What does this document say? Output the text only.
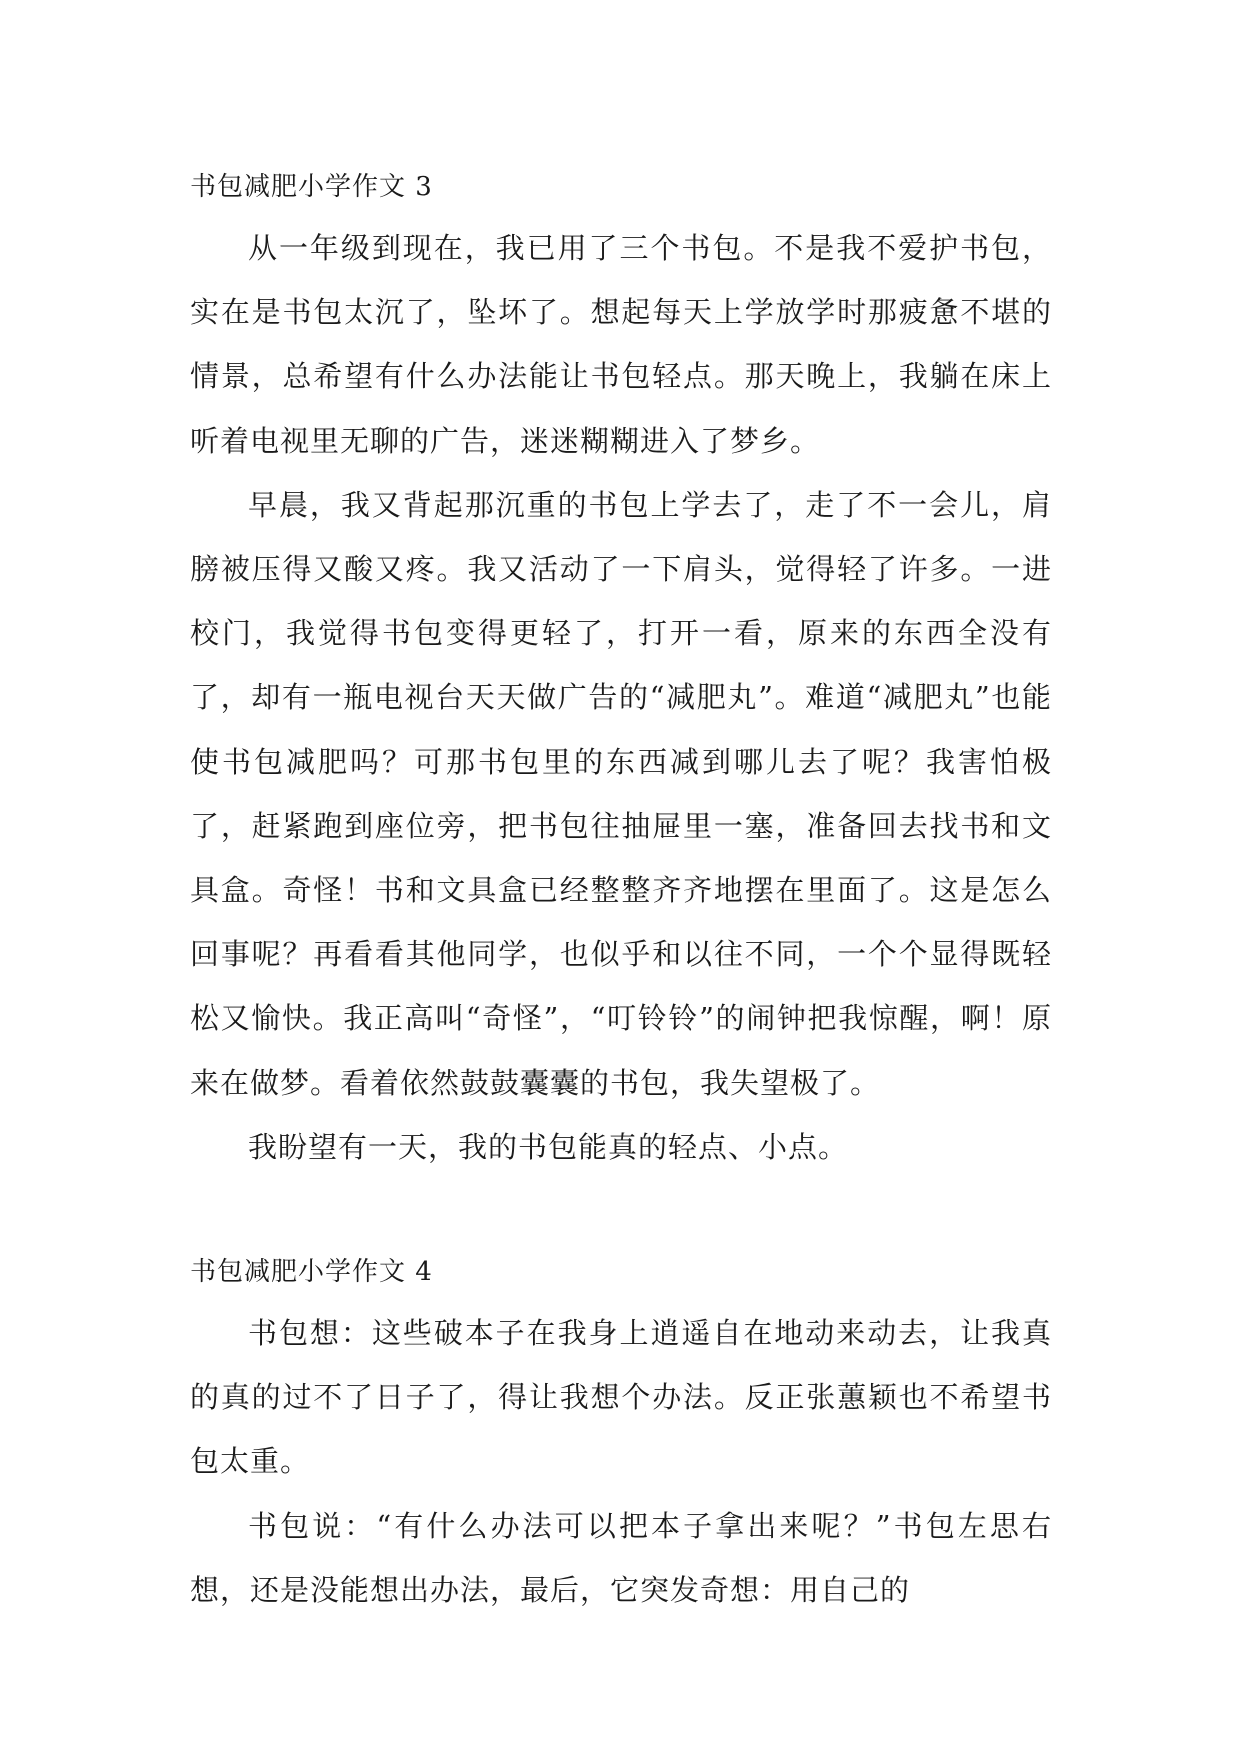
书包减肥小学作文 3

从一年级到现在，我已用了三个书包。不是我不爱护书包，实在是书包太沉了，坠坏了。想起每天上学放学时那疲惫不堪的情景，总希望有什么办法能让书包轻点。那天晚上，我躺在床上听着电视里无聊的广告，迷迷糊糊进入了梦乡。

早晨，我又背起那沉重的书包上学去了，走了不一会儿，肩膀被压得又酸又疼。我又活动了一下肩头，觉得轻了许多。一进校门，我觉得书包变得更轻了，打开一看，原来的东西全没有了，却有一瓶电视台天天做广告的“减肥丸”。难道“减肥丸”也能使书包减肥吗？可那书包里的东西减到哪儿去了呢？我害怕极了，赶紧跑到座位旁，把书包往抽屉里一塞，准备回去找书和文具盒。奇怪！书和文具盒已经整整齐齐地摆在里面了。这是怎么回事呢？再看看其他同学，也似乎和以往不同，一个个显得既轻松又愉快。我正高叫“奇怪”，“叮铃铃”的闹钟把我惊醒，啊！原来在做梦。看着依然鼓鼓囊囊的书包，我失望极了。

我盼望有一天，我的书包能真的轻点、小点。

书包减肥小学作文 4

书包想：这些破本子在我身上逍遥自在地动来动去，让我真的真的过不了日子了，得让我想个办法。反正张蕙颖也不希望书包太重。

书包说：“有什么办法可以把本子拿出来呢？”书包左思右想，还是没能想出办法，最后，它突发奇想：用自己的
